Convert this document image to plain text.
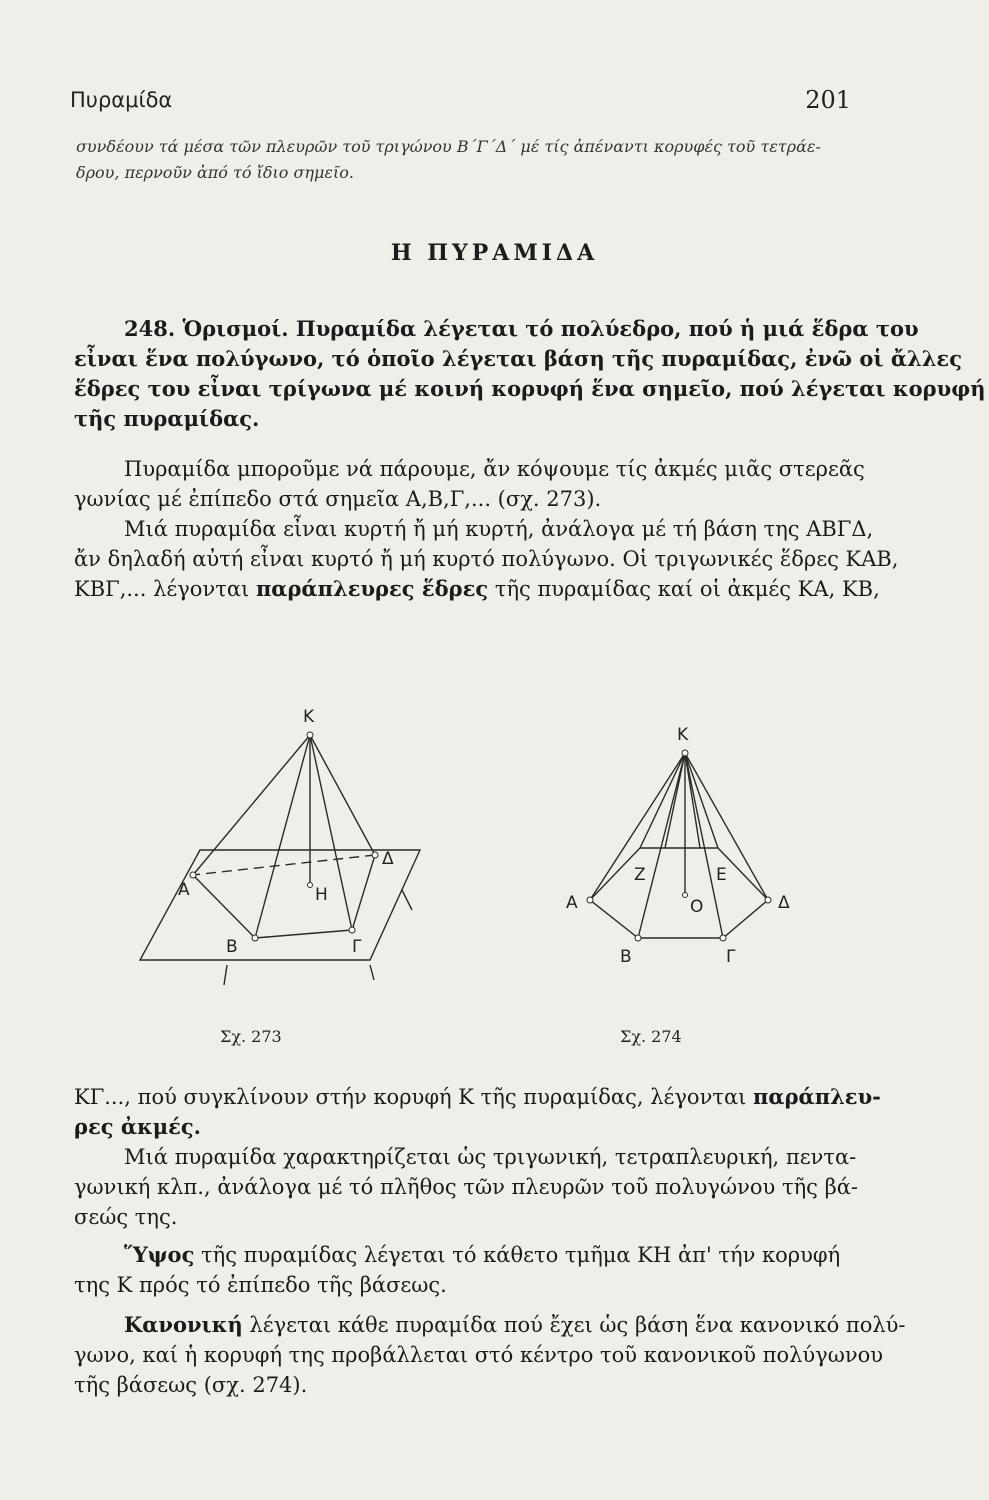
Πυραμίδα	201
συνδέουν τά μέσα τῶν πλευρῶν τοῦ τριγώνου Β΄Γ΄Δ΄ μέ τίς ἀπέναντι κορυφές τοῦ τετράε-
δρου, περνοῦν ἀπό τό ἴδιο σημεῖο.
Η ΠΥΡΑΜΙΔΑ
248. Ὁρισμοί. Πυραμίδα λέγεται τό πολύεδρο, πού ἡ μιά ἕδρα του
εἶναι ἕνα πολύγωνο, τό ὁποῖο λέγεται βάση τῆς πυραμίδας, ἐνῶ οἱ ἄλλες
ἕδρες του εἶναι τρίγωνα μέ κοινή κορυφή ἕνα σημεῖο, πού λέγεται κορυφή
τῆς πυραμίδας.
Πυραμίδα μποροῦμε νά πάρουμε, ἄν κόψουμε τίς ἀκμές μιᾶς στερεᾶς
γωνίας μέ ἐπίπεδο στά σημεῖα Α,Β,Γ,... (σχ. 273).
Μιά πυραμίδα εἶναι κυρτή ἤ μή κυρτή, ἀνάλογα μέ τή βάση της ΑΒΓΔ,
ἄν δηλαδή αὐτή εἶναι κυρτό ἤ μή κυρτό πολύγωνο. Οἱ τριγωνικές ἕδρες ΚΑΒ,
ΚΒΓ,... λέγονται παράπλευρες ἕδρες τῆς πυραμίδας καί οἱ ἀκμές ΚΑ, ΚΒ,
K
A
B	Γ
Δ
H
Σχ. 273
K
A
B	Γ
Δ
Z	E
O
Σχ. 274
ΚΓ..., πού συγκλίνουν στήν κορυφή Κ τῆς πυραμίδας, λέγονται παράπλευ-
ρες ἀκμές.
Μιά πυραμίδα χαρακτηρίζεται ὡς τριγωνική, τετραπλευρική, πεντα-
γωνική κλπ., ἀνάλογα μέ τό πλῆθος τῶν πλευρῶν τοῦ πολυγώνου τῆς βά-
σεώς της.
Ὕψος τῆς πυραμίδας λέγεται τό κάθετο τμῆμα ΚΗ ἀπ' τήν κορυφή
της Κ πρός τό ἐπίπεδο τῆς βάσεως.
Κανονική λέγεται κάθε πυραμίδα πού ἔχει ὡς βάση ἕνα κανονικό πολύ-
γωνο, καί ἡ κορυφή της προβάλλεται στό κέντρο τοῦ κανονικοῦ πολύγωνου
τῆς βάσεως (σχ. 274).
